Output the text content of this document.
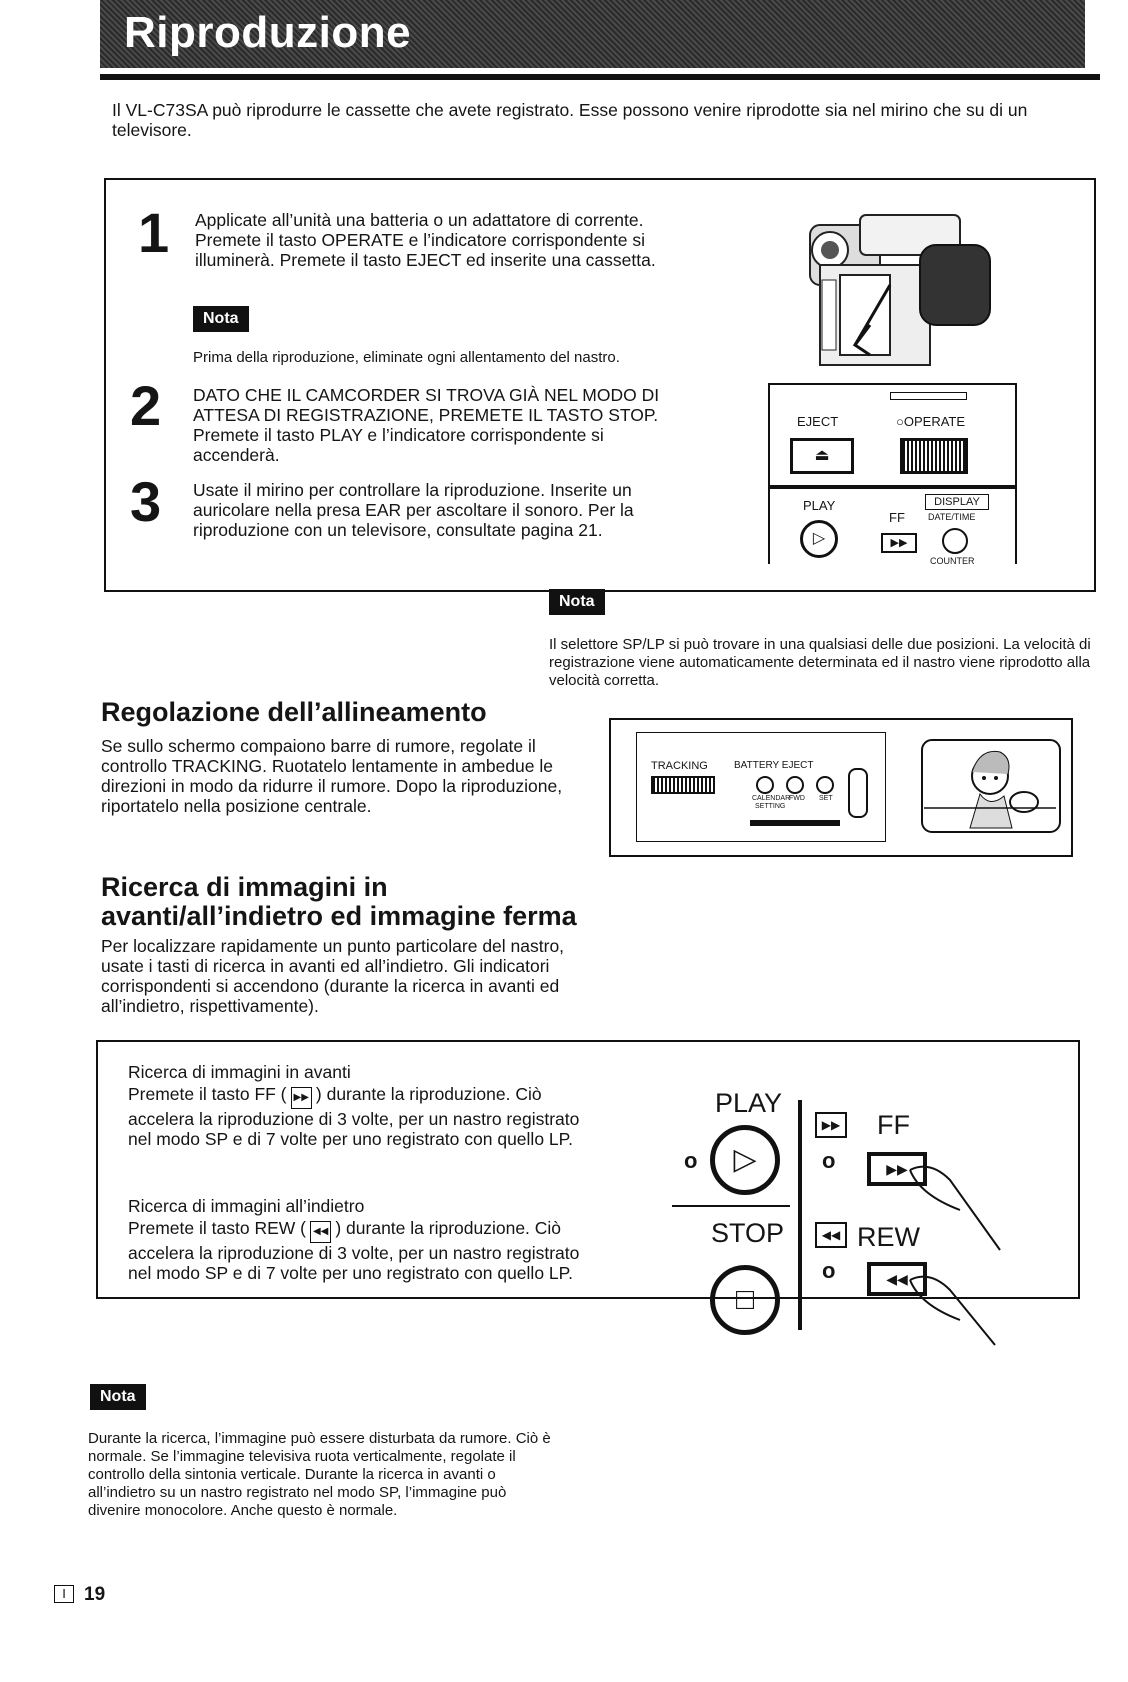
Riproduzione
Il VL-C73SA può riprodurre le cassette che avete registrato. Esse possono venire riprodotte sia nel mirino che su di un televisore.
1 Applicate all’unità una batteria o un adattatore di corrente. Premete il tasto OPERATE e l’indicatore corrispondente si illuminerà. Premete il tasto EJECT ed inserite una cassetta.
Nota
Prima della riproduzione, eliminate ogni allentamento del nastro.
2 DATO CHE IL CAMCORDER SI TROVA GIÀ NEL MODO DI ATTESA DI REGISTRAZIONE, PREMETE IL TASTO STOP. Premete il tasto PLAY e l’indicatore corrispondente si accenderà.
3 Usate il mirino per controllare la riproduzione. Inserite un auricolare nella presa EAR per ascoltare il sonoro. Per la riproduzione con un televisore, consultate pagina 21.
EJECT	○OPERATE
⏏
PLAY
▷
FF
▶▶
DISPLAY
DATE/TIME
COUNTER
Nota
Il selettore SP/LP si può trovare in una qualsiasi delle due posizioni. La velocità di registrazione viene automaticamente determinata ed il nastro viene riprodotto alla velocità corretta.
Regolazione dell’allineamento
Se sullo schermo compaiono barre di rumore, regolate il controllo TRACKING. Ruotatelo lentamente in ambedue le direzioni in modo da ridurre il rumore. Dopo la riproduzione, riportatelo nella posizione centrale.
TRACKING	BATTERY EJECT
CALENDAR
SETTING
FWD SET
Ricerca di immagini in avanti/all’indietro ed immagine ferma
Per localizzare rapidamente un punto particolare del nastro, usate i tasti di ricerca in avanti ed all’indietro. Gli indicatori corrispondenti si accendono (durante la ricerca in avanti ed all’indietro, rispettivamente).
Ricerca di immagini in avanti
Premete il tasto FF ( ▶▶ ) durante la riproduzione. Ciò accelera la riproduzione di 3 volte, per un nastro registrato nel modo SP e di 7 volte per uno registrato con quello LP.
Ricerca di immagini all’indietro
Premete il tasto REW ( ◀◀ ) durante la riproduzione. Ciò accelera la riproduzione di 3 volte, per un nastro registrato nel modo SP e di 7 volte per uno registrato con quello LP.
PLAY
o	▷
STOP
□
▶▶ FF
o	▶▶
◀◀ REW
o	◀◀
Nota
Durante la ricerca, l’immagine può essere disturbata da rumore. Ciò è normale. Se l’immagine televisiva ruota verticalmente, regolate il controllo della sintonia verticale. Durante la ricerca in avanti o all’indietro su un nastro registrato nel modo SP, l’immagine può divenire monocolore. Anche questo è normale.
I 19
